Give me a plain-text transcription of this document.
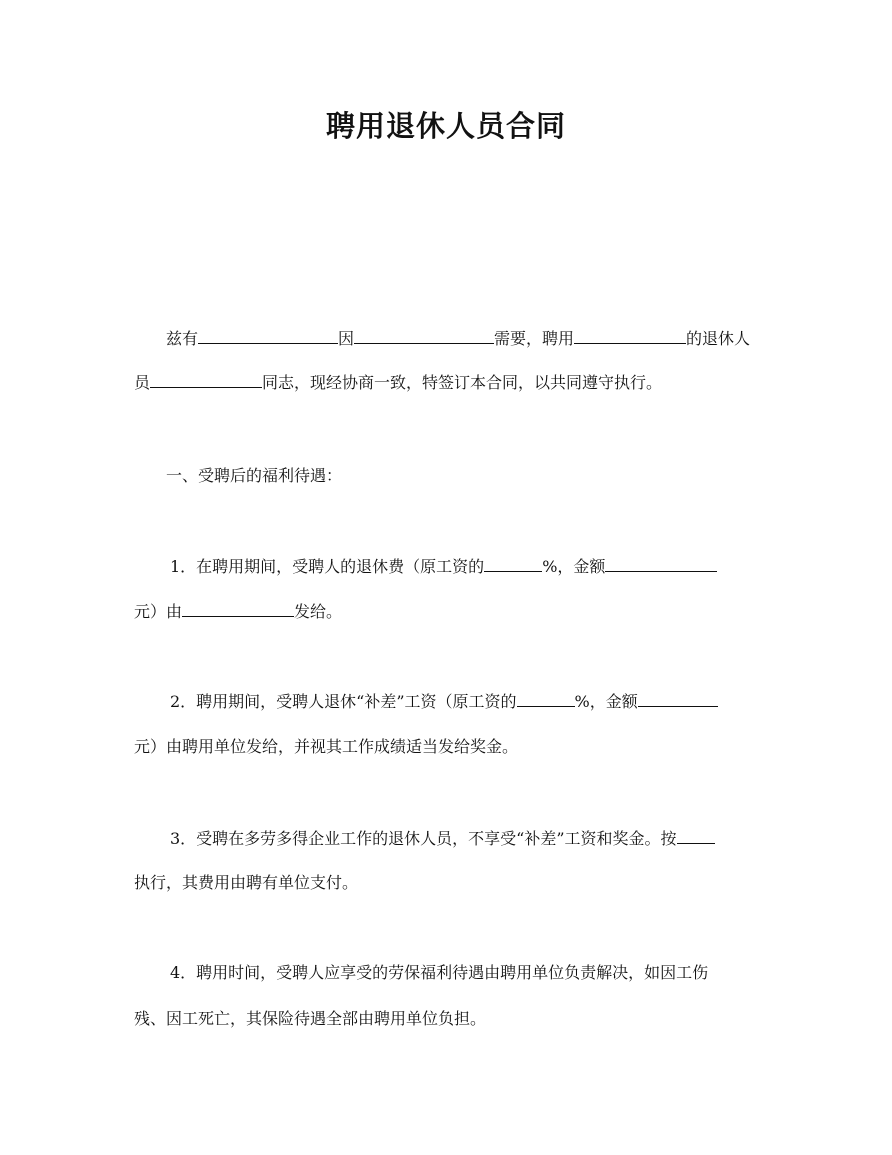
聘用退休人员合同
兹有	因	需要，聘用	的退休人
员	同志，现经协商一致，特签订本合同，以共同遵守执行。
一、受聘后的福利待遇：
1．在聘用期间，受聘人的退休费（原工资的	%，金额
元）由	发给。
2．聘用期间，受聘人退休“补差”工资（原工资的	%，金额
元）由聘用单位发给，并视其工作成绩适当发给奖金。
3．受聘在多劳多得企业工作的退休人员，不享受“补差”工资和奖金。按
执行，其费用由聘有单位支付。
4．聘用时间，受聘人应享受的劳保福利待遇由聘用单位负责解决，如因工伤
残、因工死亡，其保险待遇全部由聘用单位负担。
